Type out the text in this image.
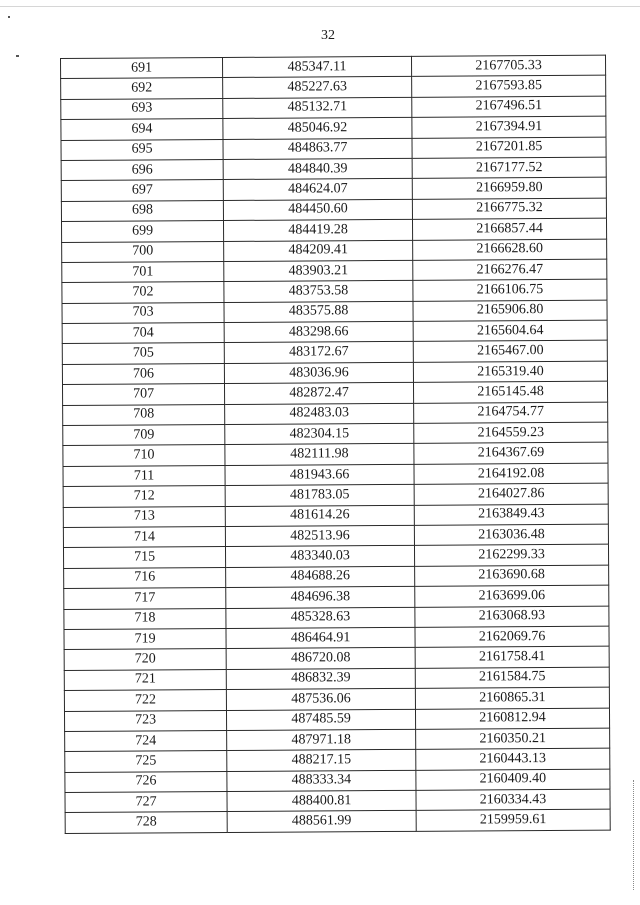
32
691	485347.11	2167705.33
692	485227.63	2167593.85
693	485132.71	2167496.51
694	485046.92	2167394.91
695	484863.77	2167201.85
696	484840.39	2167177.52
697	484624.07	2166959.80
698	484450.60	2166775.32
699	484419.28	2166857.44
700	484209.41	2166628.60
701	483903.21	2166276.47
702	483753.58	2166106.75
703	483575.88	2165906.80
704	483298.66	2165604.64
705	483172.67	2165467.00
706	483036.96	2165319.40
707	482872.47	2165145.48
708	482483.03	2164754.77
709	482304.15	2164559.23
710	482111.98	2164367.69
711	481943.66	2164192.08
712	481783.05	2164027.86
713	481614.26	2163849.43
714	482513.96	2163036.48
715	483340.03	2162299.33
716	484688.26	2163690.68
717	484696.38	2163699.06
718	485328.63	2163068.93
719	486464.91	2162069.76
720	486720.08	2161758.41
721	486832.39	2161584.75
722	487536.06	2160865.31
723	487485.59	2160812.94
724	487971.18	2160350.21
725	488217.15	2160443.13
726	488333.34	2160409.40
727	488400.81	2160334.43
728	488561.99	2159959.61
